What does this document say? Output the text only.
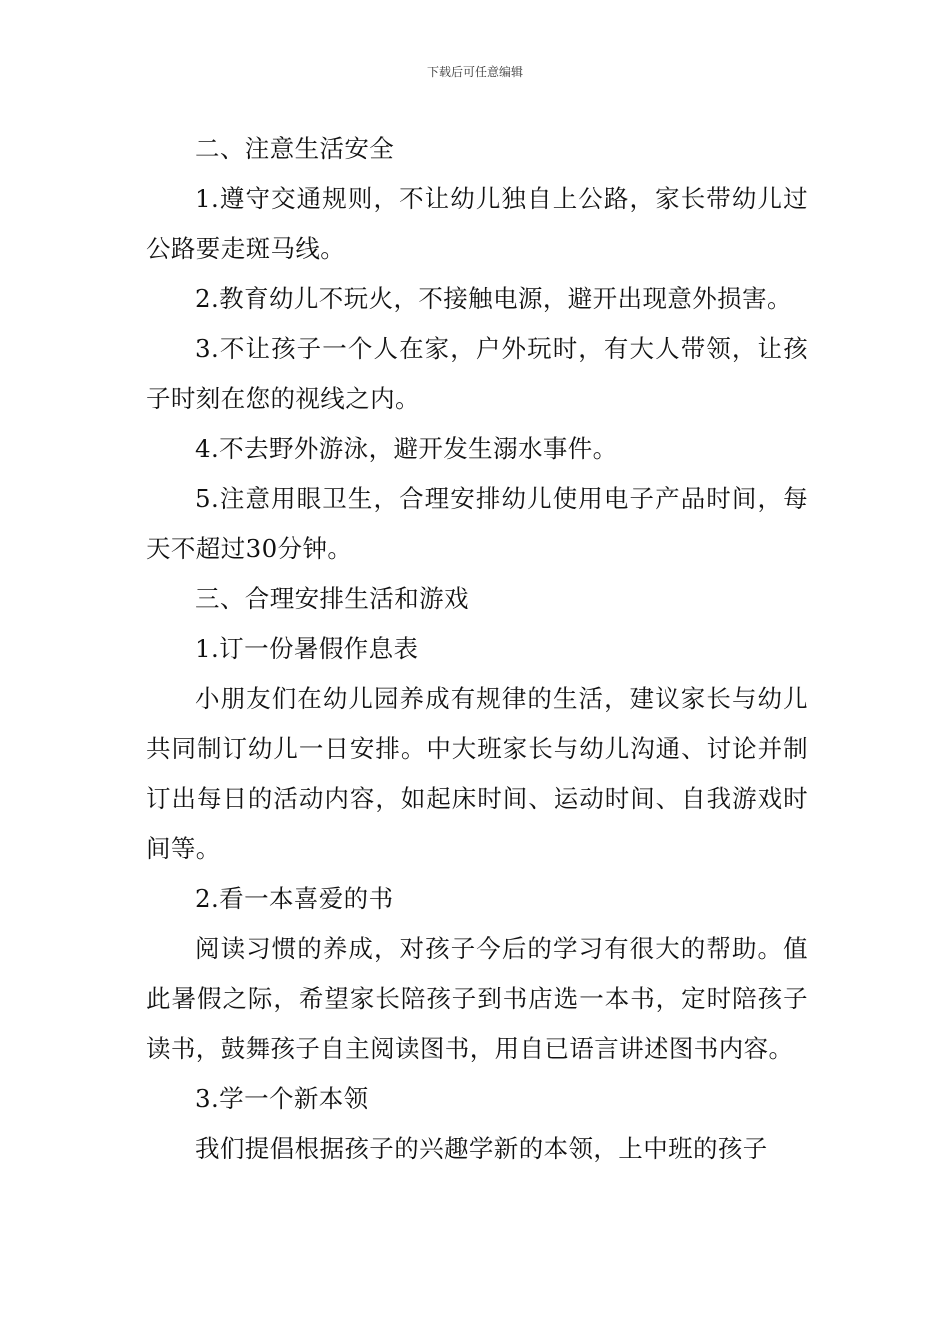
下载后可任意编辑

二、注意生活安全

1.遵守交通规则，不让幼儿独自上公路，家长带幼儿过公路要走斑马线。

2.教育幼儿不玩火，不接触电源，避开出现意外损害。

3.不让孩子一个人在家，户外玩时，有大人带领，让孩子时刻在您的视线之内。

4.不去野外游泳，避开发生溺水事件。

5.注意用眼卫生，合理安排幼儿使用电子产品时间，每天不超过30分钟。

三、合理安排生活和游戏

1.订一份暑假作息表

小朋友们在幼儿园养成有规律的生活，建议家长与幼儿共同制订幼儿一日安排。中大班家长与幼儿沟通、讨论并制订出每日的活动内容，如起床时间、运动时间、自我游戏时间等。

2.看一本喜爱的书

阅读习惯的养成，对孩子今后的学习有很大的帮助。值此暑假之际，希望家长陪孩子到书店选一本书，定时陪孩子读书，鼓舞孩子自主阅读图书，用自已语言讲述图书内容。

3.学一个新本领

我们提倡根据孩子的兴趣学新的本领，上中班的孩子
